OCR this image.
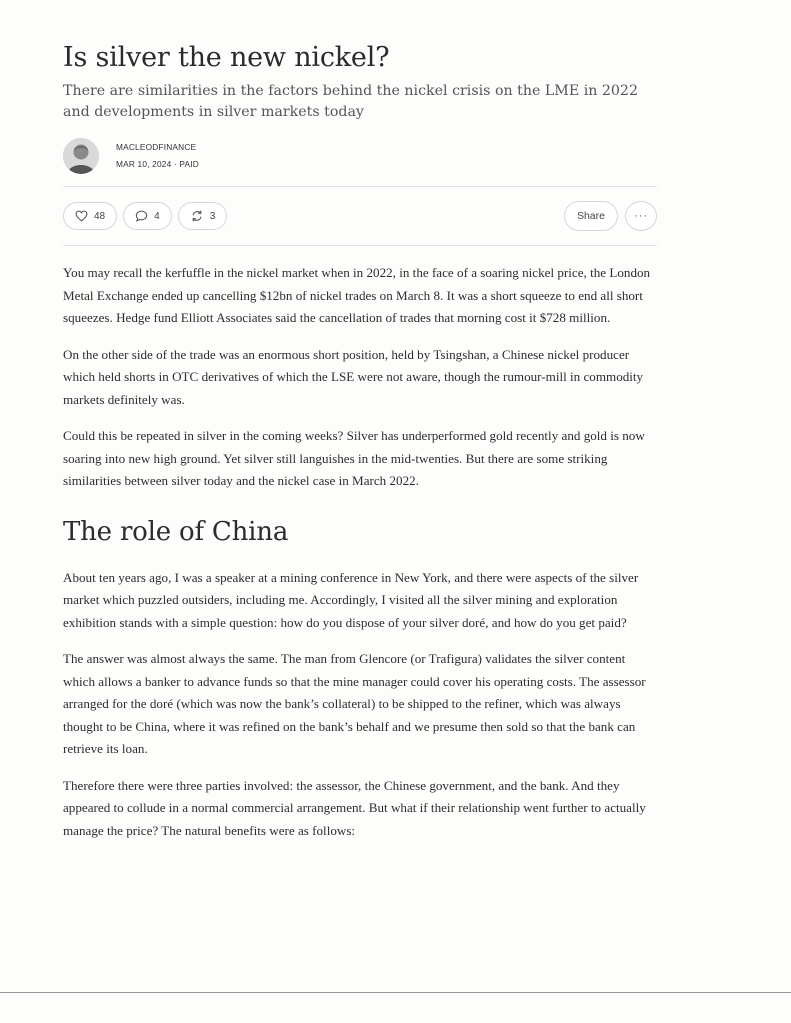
Is silver the new nickel?
There are similarities in the factors behind the nickel crisis on the LME in 2022 and developments in silver markets today
MACLEODFINANCE
MAR 10, 2024 · PAID
48	4	3	Share	···

You may recall the kerfuffle in the nickel market when in 2022, in the face of a soaring nickel price, the London Metal Exchange ended up cancelling $12bn of nickel trades on March 8. It was a short squeeze to end all short squeezes. Hedge fund Elliott Associates said the cancellation of trades that morning cost it $728 million.

On the other side of the trade was an enormous short position, held by Tsingshan, a Chinese nickel producer which held shorts in OTC derivatives of which the LSE were not aware, though the rumour-mill in commodity markets definitely was.

Could this be repeated in silver in the coming weeks? Silver has underperformed gold recently and gold is now soaring into new high ground. Yet silver still languishes in the mid-twenties. But there are some striking similarities between silver today and the nickel case in March 2022.

The role of China

About ten years ago, I was a speaker at a mining conference in New York, and there were aspects of the silver market which puzzled outsiders, including me. Accordingly, I visited all the silver mining and exploration exhibition stands with a simple question: how do you dispose of your silver doré, and how do you get paid?

The answer was almost always the same. The man from Glencore (or Trafigura) validates the silver content which allows a banker to advance funds so that the mine manager could cover his operating costs. The assessor arranged for the doré (which was now the bank’s collateral) to be shipped to the refiner, which was always thought to be China, where it was refined on the bank’s behalf and we presume then sold so that the bank can retrieve its loan.

Therefore there were three parties involved: the assessor, the Chinese government, and the bank. And they appeared to collude in a normal commercial arrangement. But what if their relationship went further to actually manage the price? The natural benefits were as follows:
